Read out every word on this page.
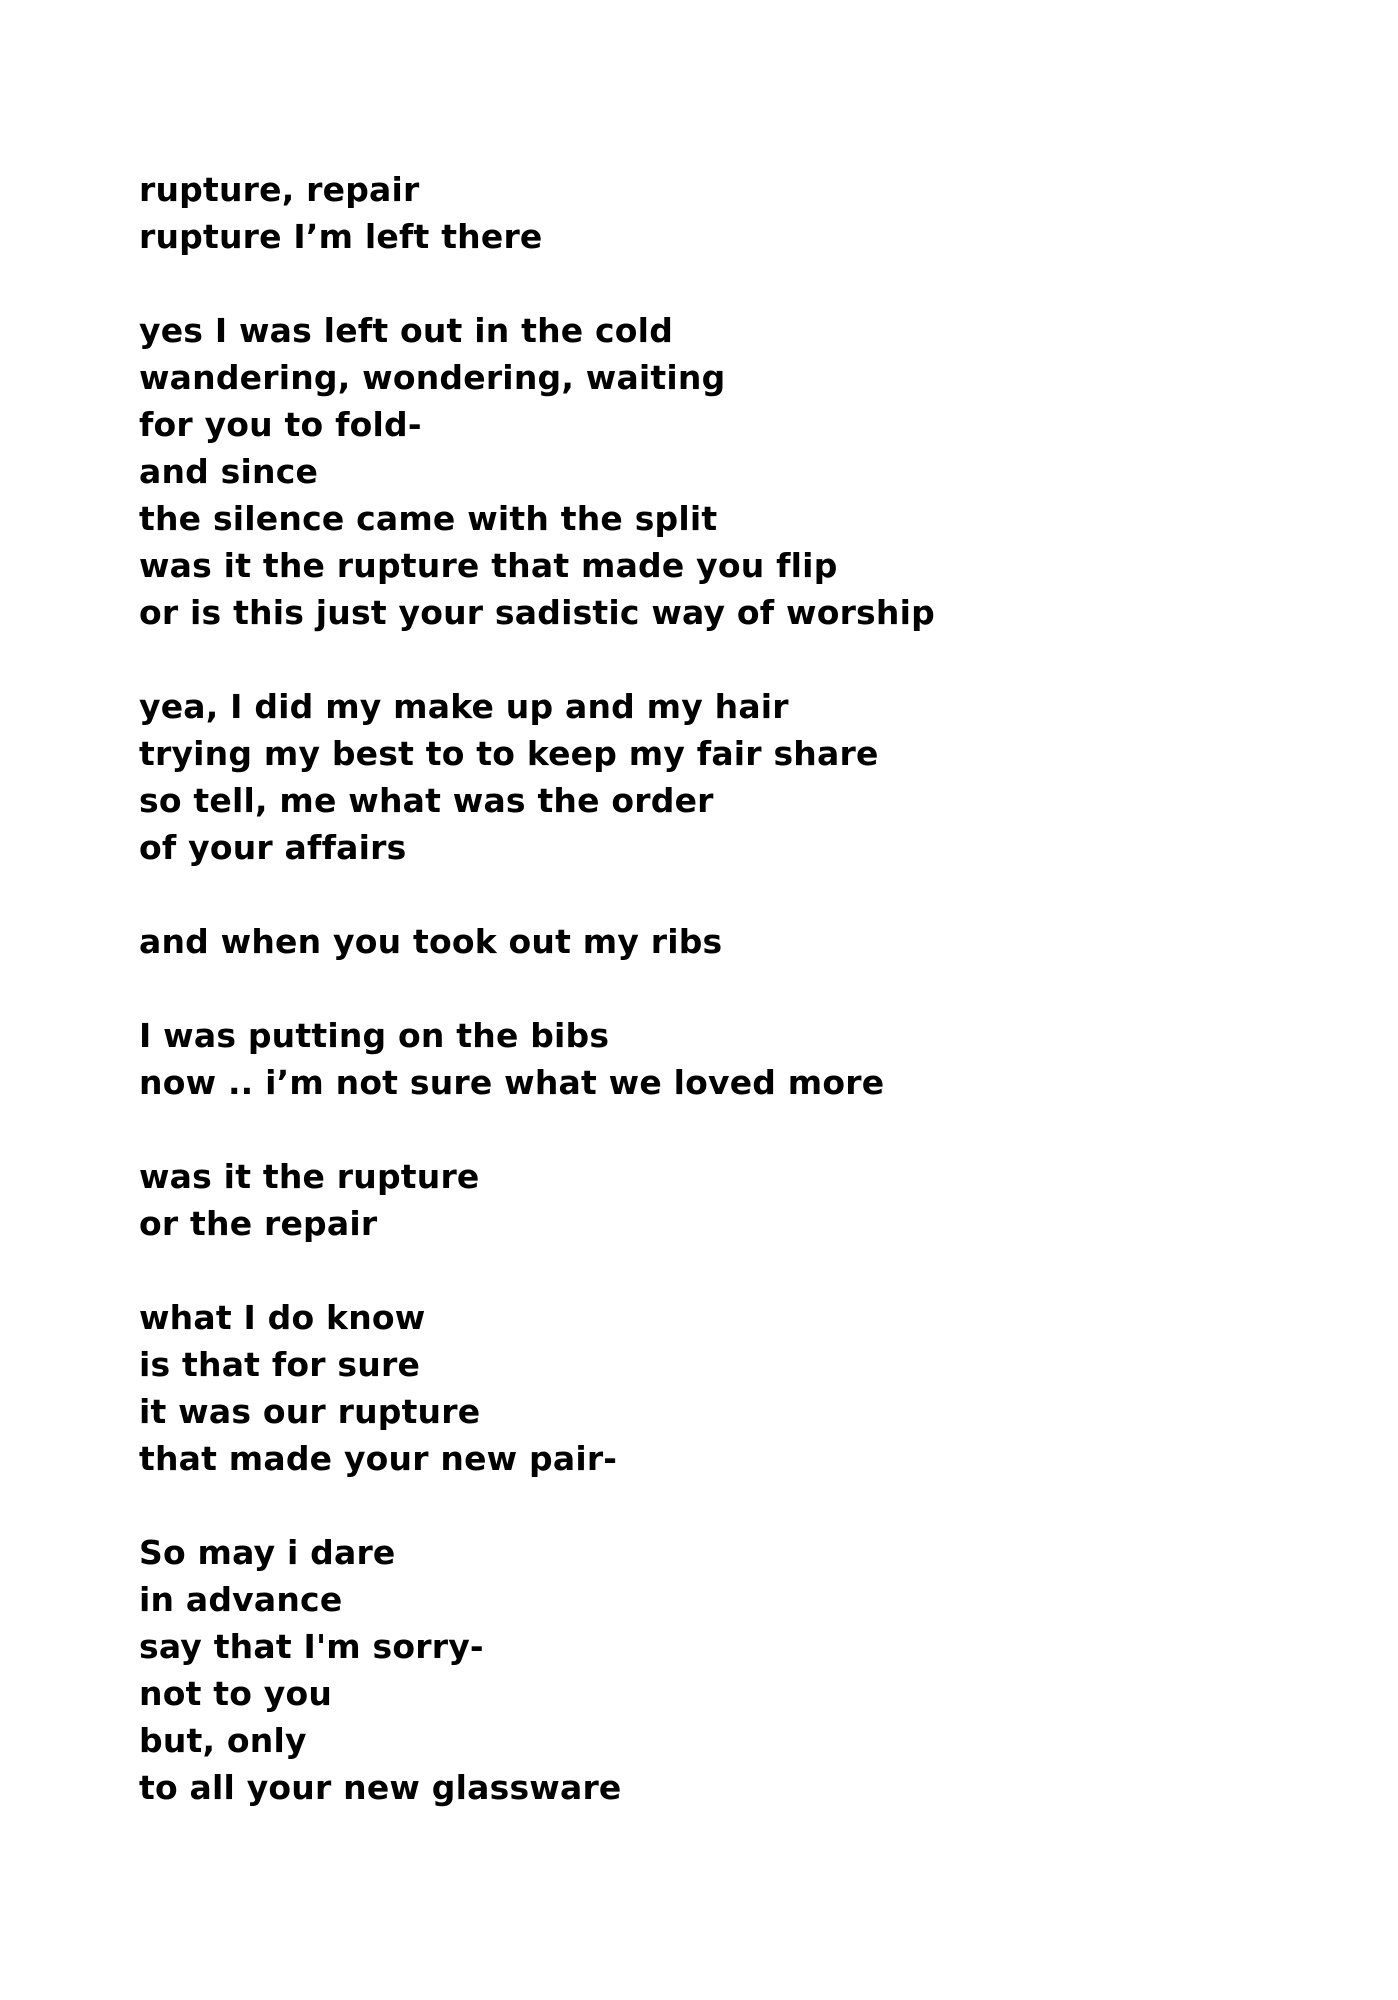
rupture, repair
rupture I’m left there
yes I was left out in the cold
wandering, wondering, waiting
for you to fold-
and since
the silence came with the split
was it the rupture that made you flip
or is this just your sadistic way of worship
yea, I did my make up and my hair
trying my best to to keep my fair share
so tell, me what was the order
of your affairs
and when you took out my ribs
I was putting on the bibs
now .. i’m not sure what we loved more
was it the rupture
or the repair
what I do know
is that for sure
it was our rupture
that made your new pair-
So may i dare
in advance
say that I'm sorry-
not to you
but, only
to all your new glassware
